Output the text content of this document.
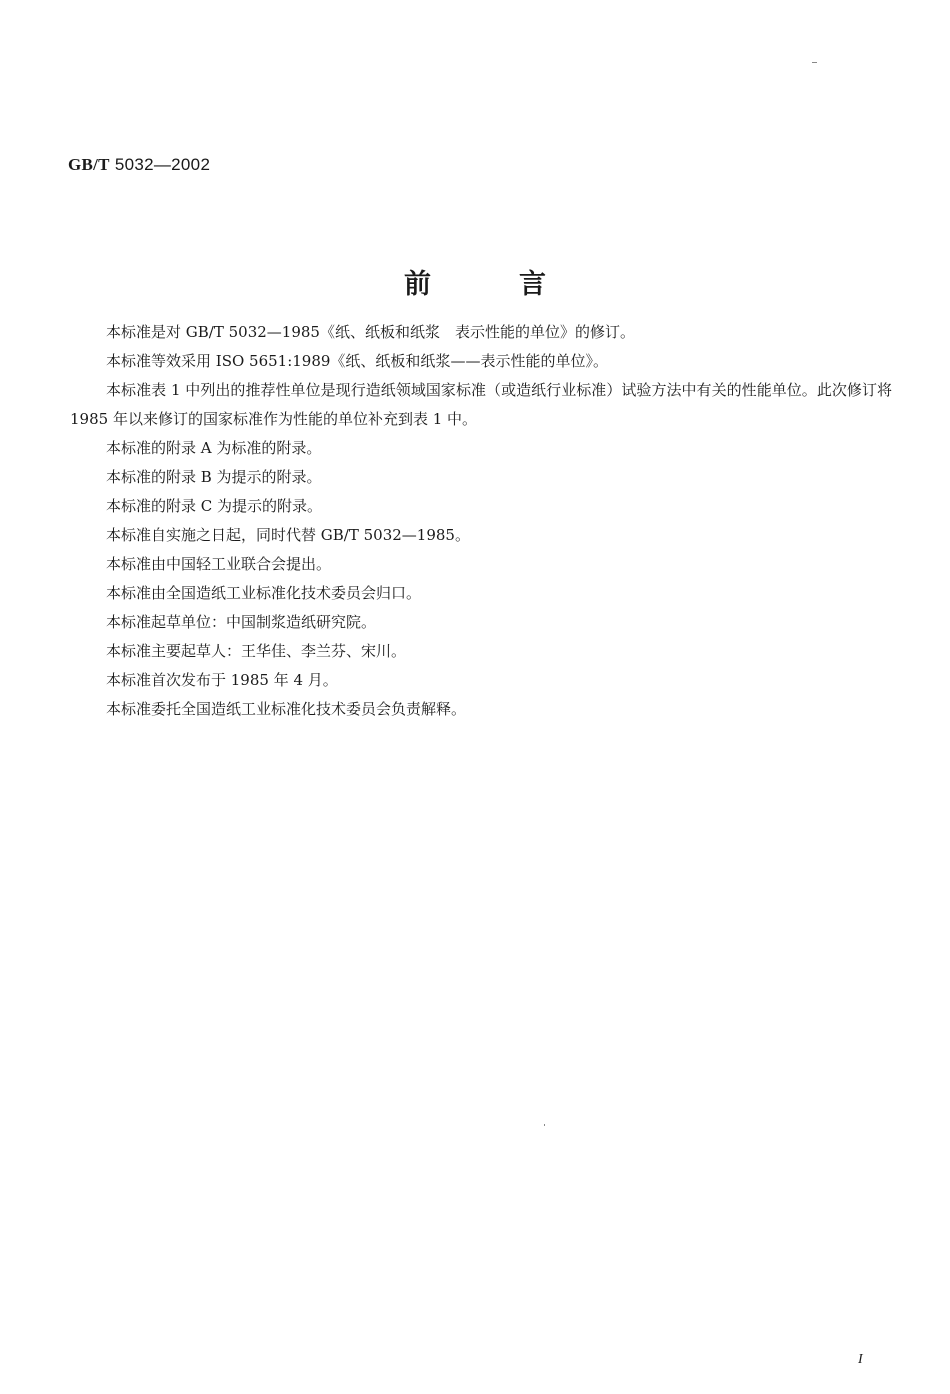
GB/T 5032—2002
前言

本标准是对 GB/T 5032—1985《纸、纸板和纸浆　表示性能的单位》的修订。

本标准等效采用 ISO 5651:1989《纸、纸板和纸浆——表示性能的单位》。

本标准表 1 中列出的推荐性单位是现行造纸领域国家标准（或造纸行业标准）试验方法中有关的性能单位。此次修订将 1985 年以来修订的国家标准作为性能的单位补充到表 1 中。

本标准的附录 A 为标准的附录。

本标准的附录 B 为提示的附录。

本标准的附录 C 为提示的附录。

本标准自实施之日起，同时代替 GB/T 5032—1985。

本标准由中国轻工业联合会提出。

本标准由全国造纸工业标准化技术委员会归口。

本标准起草单位：中国制浆造纸研究院。

本标准主要起草人：王华佳、李兰芬、宋川。

本标准首次发布于 1985 年 4 月。

本标准委托全国造纸工业标准化技术委员会负责解释。

I
